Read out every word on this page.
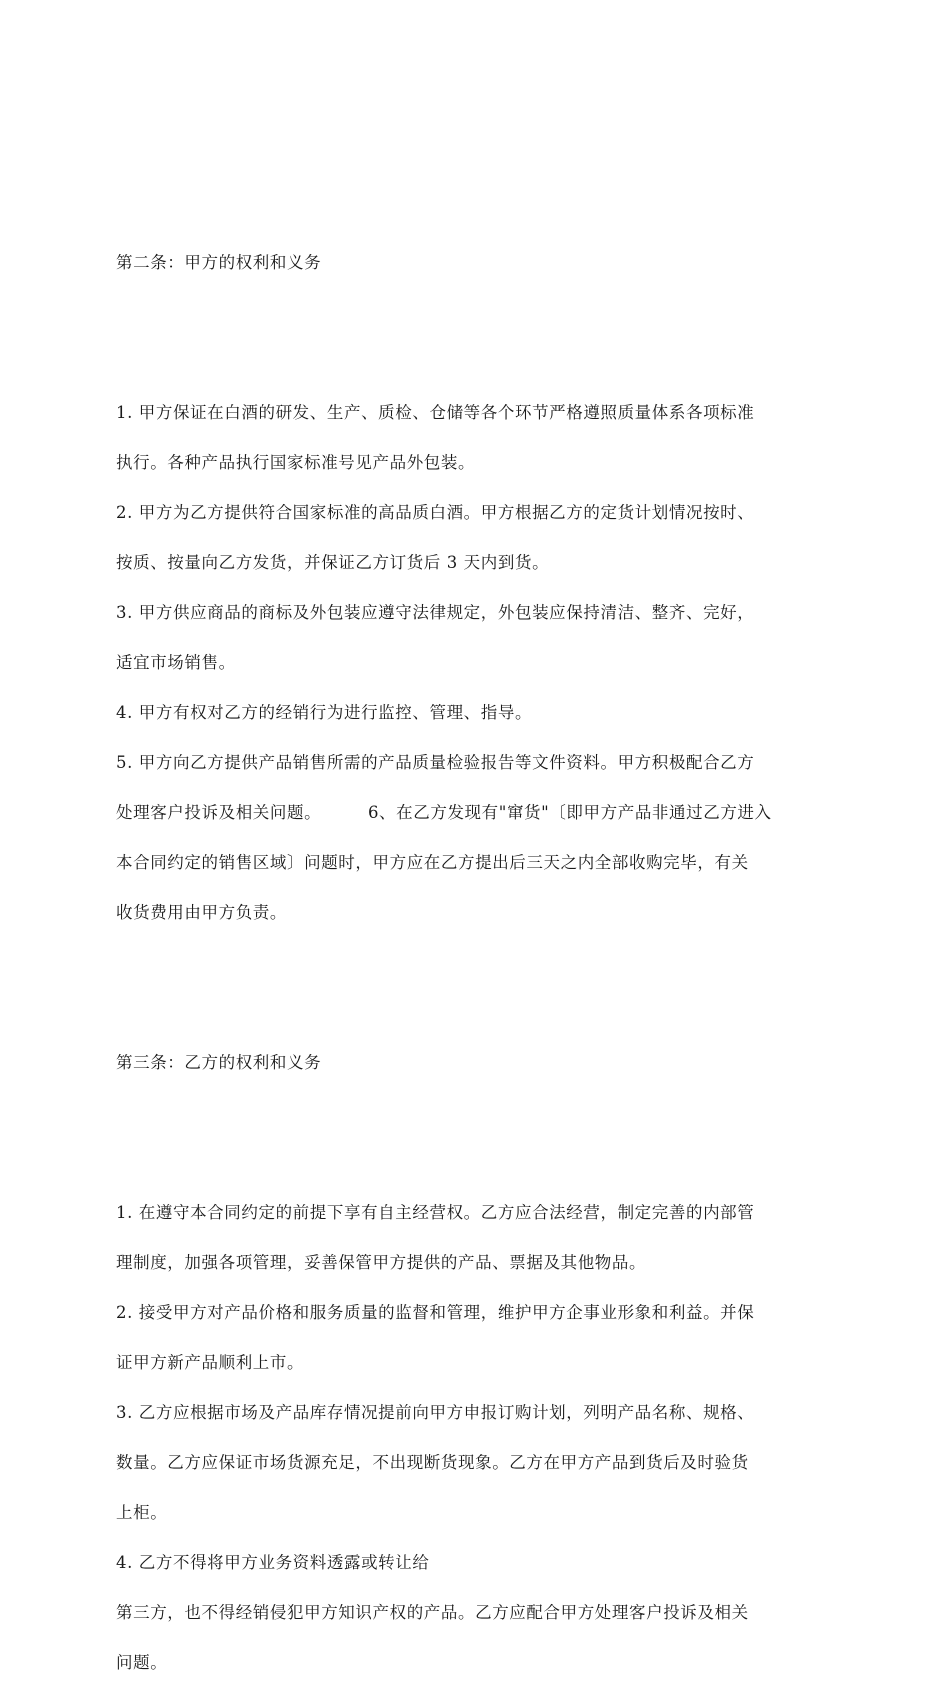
第二条：甲方的权利和义务

1. 甲方保证在白酒的研发、生产、质检、仓储等各个环节严格遵照质量体系各项标准
执行。各种产品执行国家标准号见产品外包装。
2. 甲方为乙方提供符合国家标准的高品质白酒。甲方根据乙方的定货计划情况按时、
按质、按量向乙方发货，并保证乙方订货后 3 天内到货。
3. 甲方供应商品的商标及外包装应遵守法律规定，外包装应保持清洁、整齐、完好，
适宜市场销售。
4. 甲方有权对乙方的经销行为进行监控、管理、指导。
5. 甲方向乙方提供产品销售所需的产品质量检验报告等文件资料。甲方积极配合乙方
处理客户投诉及相关问题。        6、在乙方发现有"窜货"〔即甲方产品非通过乙方进入
本合同约定的销售区域〕问题时，甲方应在乙方提出后三天之内全部收购完毕，有关
收货费用由甲方负责。

第三条：乙方的权利和义务

1. 在遵守本合同约定的前提下享有自主经营权。乙方应合法经营，制定完善的内部管
理制度，加强各项管理，妥善保管甲方提供的产品、票据及其他物品。
2. 接受甲方对产品价格和服务质量的监督和管理，维护甲方企事业形象和利益。并保
证甲方新产品顺利上市。
3. 乙方应根据市场及产品库存情况提前向甲方申报订购计划，列明产品名称、规格、
数量。乙方应保证市场货源充足，不出现断货现象。乙方在甲方产品到货后及时验货
上柜。
4. 乙方不得将甲方业务资料透露或转让给
第三方，也不得经销侵犯甲方知识产权的产品。乙方应配合甲方处理客户投诉及相关
问题。
